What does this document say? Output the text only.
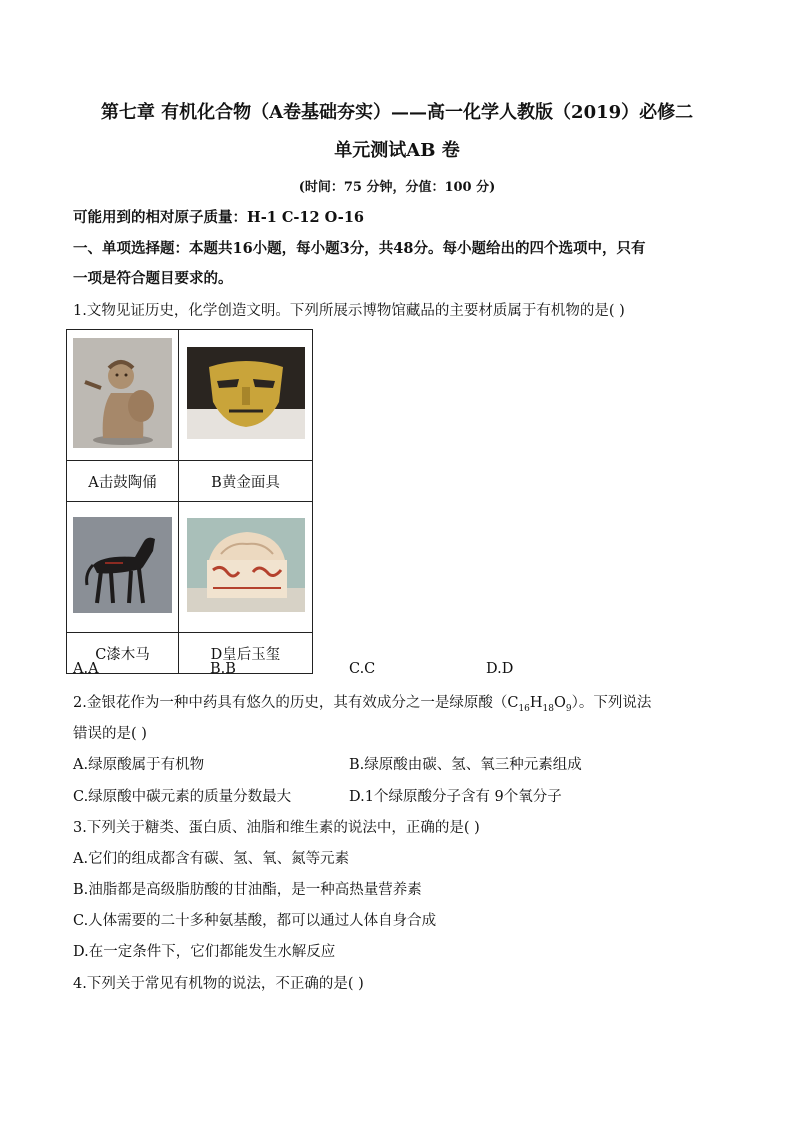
第七章 有机化合物（A卷基础夯实）——高一化学人教版（2019）必修二
单元测试AB 卷
(时间：75 分钟，分值：100 分)
可能用到的相对原子质量：H-1 C-12 O-16
一、单项选择题：本题共16小题，每小题3分，共48分。每小题给出的四个选项中，只有
一项是符合题目要求的。
1.文物见证历史，化学创造文明。下列所展示博物馆藏品的主要材质属于有机物的是( )

A击鼓陶俑	B黄金面具

C漆木马	D皇后玉玺
A.A	B.B	C.C	D.D
2.金银花作为一种中药具有悠久的历史，其有效成分之一是绿原酸$(C_{16}H_{18}O_9)$。下列说法
错误的是( )
A.绿原酸属于有机物	B.绿原酸由碳、氢、氧三种元素组成
C.绿原酸中碳元素的质量分数最大	D.1个绿原酸分子含有 9个氧分子
3.下列关于糖类、蛋白质、油脂和维生素的说法中，正确的是( )
A.它们的组成都含有碳、氢、氧、氮等元素
B.油脂都是高级脂肪酸的甘油酯，是一种高热量营养素
C.人体需要的二十多种氨基酸，都可以通过人体自身合成
D.在一定条件下，它们都能发生水解反应
4.下列关于常见有机物的说法，不正确的是( )
